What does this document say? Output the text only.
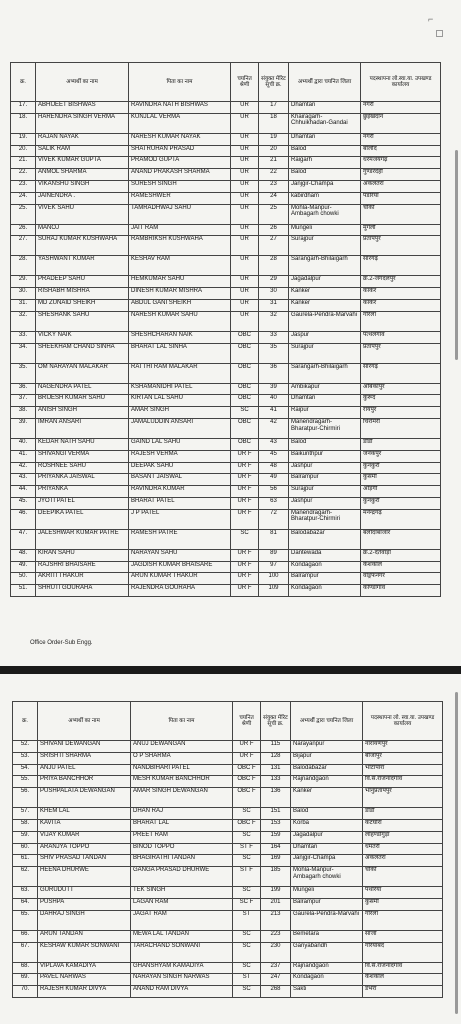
⌐
क्र.	अभ्यर्थी का नाम	पिता का नाम	चयनित श्रेणी	संयुक्त मेरिट सूची क्र.	अभ्यर्थी द्वारा चयनित जिला	पदस्थापना लो.स्वा.या. उपखण्ड कार्यालय
17.	ABHIJEET BISHWAS	RAVINDRA NATH BISHWAS	UR	17	Dhamtari	नगरी
18.	HARENDRA SINGH VERMA	KUNJLAL VERMA	UR	18	Khairagarh-Chhuikhadan-Gandai	छुईखदान
19.	RAJAN NAYAK	NARESH KUMAR NAYAK	UR	19	Dhamtari	नगरी
20.	SALIK RAM	SHATRUHAN PRASAD	UR	20	Balod	बालोद
21.	VIVEK KUMAR GUPTA	PRAMOD GUPTA	UR	21	Raigarh	धरमजयगढ़
22.	ANMOL SHARMA	ANAND PRAKASH SHARMA	UR	22	Balod	गुण्डरदेही
23.	VIKANSHU SINGH	SURESH SINGH	UR	23	Janjgir-Champa	अकलतरा
24.	JAINENDRA .	RAMESHWER	UR	24	kabirdham	पंडरिया
25.	VIVEK SAHU	TAMRADHWAJ SAHU	UR	25	Mohla-Manpur-Ambagarh chowki	चौकी
26.	MANOJ	JAIT RAM	UR	26	Mungeli	मुंगेली
27.	SURAJ KUMAR KUSHWAHA	RAMBRIKSH KUSHWAHA	UR	27	Surajpur	प्रतापपुर
28.	YASHWANT KUMAR	KESHAV RAM	UR	28	Sarangarh-Bhilaigarh	सारंगढ़
29.	PRADEEP SAHU	HEMKUMAR SAHU	UR	29	Jagadalpur	क्र.2-जगदलपुर
30.	RISHABH MISHRA	DINESH KUMAR MISHRA	UR	30	Kanker	कांकेर
31.	MD ZUNAID SHEIKH	ABDUL GANI SHEIKH	UR	31	Kanker	कांकेर
32.	SHESHANK SAHU	NARESH KUMAR SAHU	UR	32	Gaurela-Pendra-Marvahi	गौरेला
33.	VICKY NAIK	SHESHCHARAN NAIK	OBC	33	Jaspur	पत्थलगांव
34.	SHEEKHAM CHAND SINHA	BHARAT LAL SINHA	OBC	35	Surajpur	प्रतापपुर
35.	OM NARAYAN MALAKAR	RATTHI RAM MALAKAR	OBC	36	Sarangarh-Bhilaigarh	सारंगढ़
36.	NAGENDRA PATEL	KSHAMANIDHI PATEL	OBC	39	Ambikapur	अंबिकापुर
37.	BRIJESH KUMAR SAHU	KIRTAN LAL SAHU	OBC	40	Dhamtari	कुरूद
38.	ANISH SINGH	AMAR SINGH	SC	41	Raipur	रायपुर
39.	IMRAN ANSARI	JAMALUDDIN ANSARI	OBC	42	Manendragarh-Bharatpur-Chirmiri	चिरमिरी
40.	KEDAR NATH SAHU	GAIND LAL SAHU	OBC	43	Balod	डौंडी
41.	SHIVANGI VERMA	RAJESH VERMA	UR F	45	Baikunthpur	जनकपुर
42.	ROSHNEE SAHU	DEEPAK SAHU	UR F	48	Jashpur	कुनकुरी
43.	PRIYANKA JAISWAL	BASANT JAISWAL	UR F	49	Balrampur	कुसमी
44.	PRIYANKA	RAVINDRA KUMAR	UR F	56	Surajpur	ओड़गी
45.	JYOTI PATEL	BHARAT PATEL	UR F	63	Jashpur	कुनकुरी
46.	DEEPIKA PATEL	J P PATEL	UR F	72	Manendragarh-Bharatpur-Chirmiri	मनेन्द्रगढ़
47.	JALESHWAR KUMAR PATRE	RAMESH PATRE	SC	81	Balodabazar	बलौदाबाजार
48.	KIRAN SAHU	NARAYAN SAHU	UR F	89	Dantewada	क्र.2-दंतेवाड़ा
49.	RAJSHRI BHAISARE	JAGDISH KUMAR BHAISARE	UR F	97	Kondagaon	केशकाल
50.	AKRITI THAKUR	ARUN KUMAR THAKUR	UR F	100	Balrampur	वाड्रफनगर
51.	SHRUTI GOURAHA	RAJENDRA GOURAHA	UR F	109	Kondagaon	कोण्डागांव
Office Order-Sub Engg.
क्र.	अभ्यर्थी का नाम	पिता का नाम	चयनित श्रेणी	संयुक्त मेरिट सूची क्र.	अभ्यर्थी द्वारा चयनित जिला	पदस्थापना लो. स्वा.या. उपखण्ड कार्यालय
52.	SHIVANI DEWANGAN	ANUJ DEWANGAN	UR F	115	Narayanpur	नारायणपुर
53.	SRISHTI SHARMA	O P SHARMA	UR F	128	Bijapur	बीजापुर
54.	ANJU PATEL	NANDBIHARI PATEL	OBC F	131	Balodabazar	भाटापारा
55.	PRIYA BANCHHOR	MESH KUMAR BANCHHOR	OBC F	133	Rajnandgaon	वि.सं.राजनांदगांव
56.	PUSHPALATA DEWANGAN	AMAR SINGH DEWANGAN	OBC F	136	Kanker	भानुप्रतापपुर
57.	KHEM LAL	DHAN RAJ	SC	151	Balod	डौंडी
58.	KAVITA	BHARAT LAL	OBC F	153	Korba	कटघोरा
59.	VIJAY KUMAR	PREET RAM	SC	159	Jagadalpur	लोहण्डीगुड़ा
60.	ARANJYA TOPPO	BINOD TOPPO	ST F	164	Dhamtari	धमतरी
61.	SHIV PRASAD TANDAN	BHAGIRATHI TANDAN	SC	169	Janjgir-Champa	अकलतरा
62.	HEENA DHURWE	GANGA PRASAD DHURWE	ST F	185	Mohla-Manpur-Ambagarh chowki	चौकी
63.	GURUDUTT	TEK SINGH	SC	199	Mungeli	पथरिया
64.	PUSHPA	LAGAN RAM	SC F	201	Balrampur	कुसमी
65.	DAHRAJ SINGH	JAGAT RAM	ST	213	Gaurela-Pendra-Marvahi	गौरेला
66.	ARUN TANDAN	MEWA LAL TANDAN	SC	223	Bemetara	साजा
67.	KESHAW KUMAR SONWANI	TARACHAND SONWANI	SC	230	Gariyabandh	गरियाबंद
68.	VIPLAVA KAMADIYA	GHANSHYAM KAMADIYA	SC	237	Rajnandgaon	वि.सं.राजनांदगांव
69.	PAVEL NARWAS	NARAYAN SINGH NARWAS	ST	247	Kondagaon	केशकाल
70.	RAJESH KUMAR DIVYA	ANAND RAM DIVYA	SC	268	Sakti	डभरा
